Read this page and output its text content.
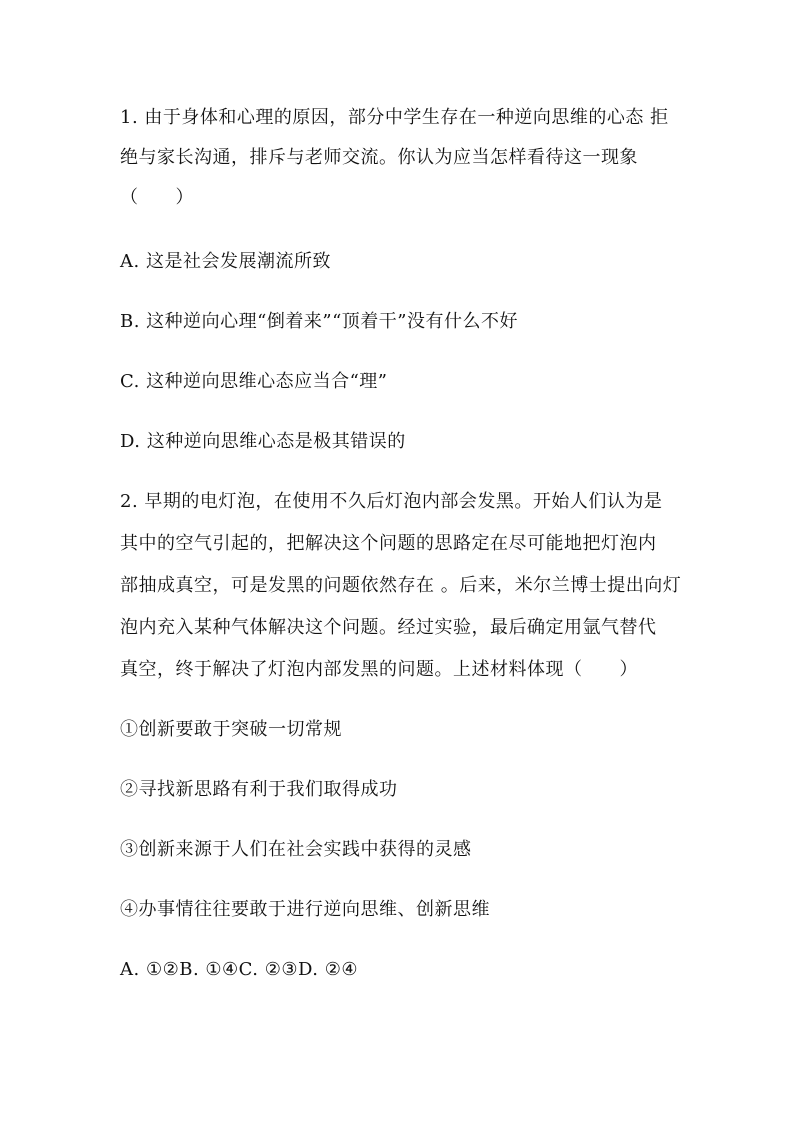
1. 由于身体和心理的原因，部分中学生存在一种逆向思维的心态 拒
绝与家长沟通，排斥与老师交流。你认为应当怎样看待这一现象
（　　）
A. 这是社会发展潮流所致
B. 这种逆向心理“倒着来”“顶着干”没有什么不好
C. 这种逆向思维心态应当合“理”
D. 这种逆向思维心态是极其错误的
2. 早期的电灯泡，在使用不久后灯泡内部会发黑。开始人们认为是
其中的空气引起的，把解决这个问题的思路定在尽可能地把灯泡内
部抽成真空，可是发黑的问题依然存在 。后来，米尔兰博士提出向灯
泡内充入某种气体解决这个问题。经过实验，最后确定用氩气替代
真空，终于解决了灯泡内部发黑的问题。上述材料体现（　　）
①创新要敢于突破一切常规
②寻找新思路有利于我们取得成功
③创新来源于人们在社会实践中获得的灵感
④办事情往往要敢于进行逆向思维、创新思维
A. ①②B. ①④C. ②③D. ②④
